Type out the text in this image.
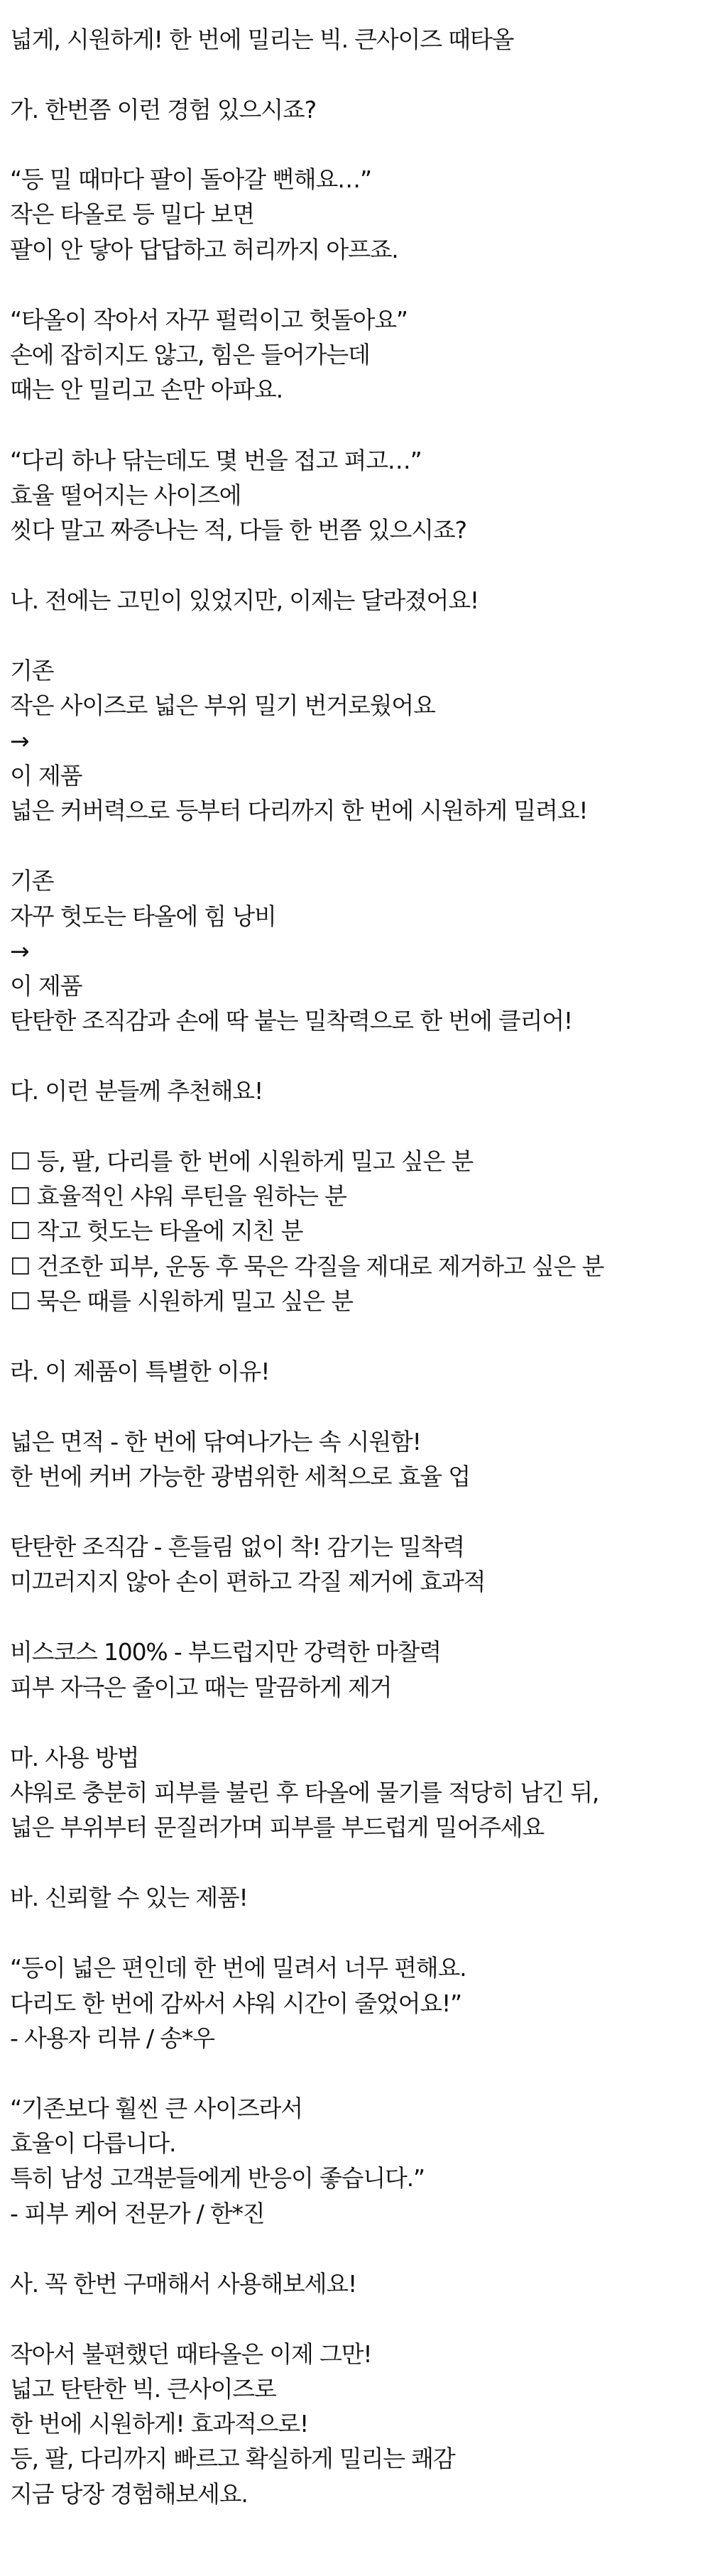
넓게, 시원하게! 한 번에 밀리는 빅. 큰사이즈 때타올

가. 한번쯤 이런 경험 있으시죠?

“등 밀 때마다 팔이 돌아갈 뻔해요…”

작은 타올로 등 밀다 보면

팔이 안 닿아 답답하고 허리까지 아프죠.

“타올이 작아서 자꾸 펄럭이고 헛돌아요”

손에 잡히지도 않고, 힘은 들어가는데

때는 안 밀리고 손만 아파요.

“다리 하나 닦는데도 몇 번을 접고 펴고…”

효율 떨어지는 사이즈에

씻다 말고 짜증나는 적, 다들 한 번쯤 있으시죠?

나. 전에는 고민이 있었지만, 이제는 달라졌어요!

기존

작은 사이즈로 넓은 부위 밀기 번거로웠어요

→

이 제품

넓은 커버력으로 등부터 다리까지 한 번에 시원하게 밀려요!

기존

자꾸 헛도는 타올에 힘 낭비

→

이 제품

탄탄한 조직감과 손에 딱 붙는 밀착력으로 한 번에 클리어!

다. 이런 분들께 추천해요!

☐ 등, 팔, 다리를 한 번에 시원하게 밀고 싶은 분

☐ 효율적인 샤워 루틴을 원하는 분

☐ 작고 헛도는 타올에 지친 분

☐ 건조한 피부, 운동 후 묵은 각질을 제대로 제거하고 싶은 분

☐ 묵은 때를 시원하게 밀고 싶은 분

라. 이 제품이 특별한 이유!

넓은 면적 - 한 번에 닦여나가는 속 시원함!

한 번에 커버 가능한 광범위한 세척으로 효율 업

탄탄한 조직감 - 흔들림 없이 착! 감기는 밀착력

미끄러지지 않아 손이 편하고 각질 제거에 효과적

비스코스 100% - 부드럽지만 강력한 마찰력

피부 자극은 줄이고 때는 말끔하게 제거

마. 사용 방법

샤워로 충분히 피부를 불린 후 타올에 물기를 적당히 남긴 뒤,

넓은 부위부터 문질러가며 피부를 부드럽게 밀어주세요

바. 신뢰할 수 있는 제품!

“등이 넓은 편인데 한 번에 밀려서 너무 편해요.

다리도 한 번에 감싸서 샤워 시간이 줄었어요!”

- 사용자 리뷰 / 송*우

“기존보다 훨씬 큰 사이즈라서

효율이 다릅니다.

특히 남성 고객분들에게 반응이 좋습니다.”

- 피부 케어 전문가 / 한*진

사. 꼭 한번 구매해서 사용해보세요!

작아서 불편했던 때타올은 이제 그만!

넓고 탄탄한 빅. 큰사이즈로

한 번에 시원하게! 효과적으로!

등, 팔, 다리까지 빠르고 확실하게 밀리는 쾌감

지금 당장 경험해보세요.
